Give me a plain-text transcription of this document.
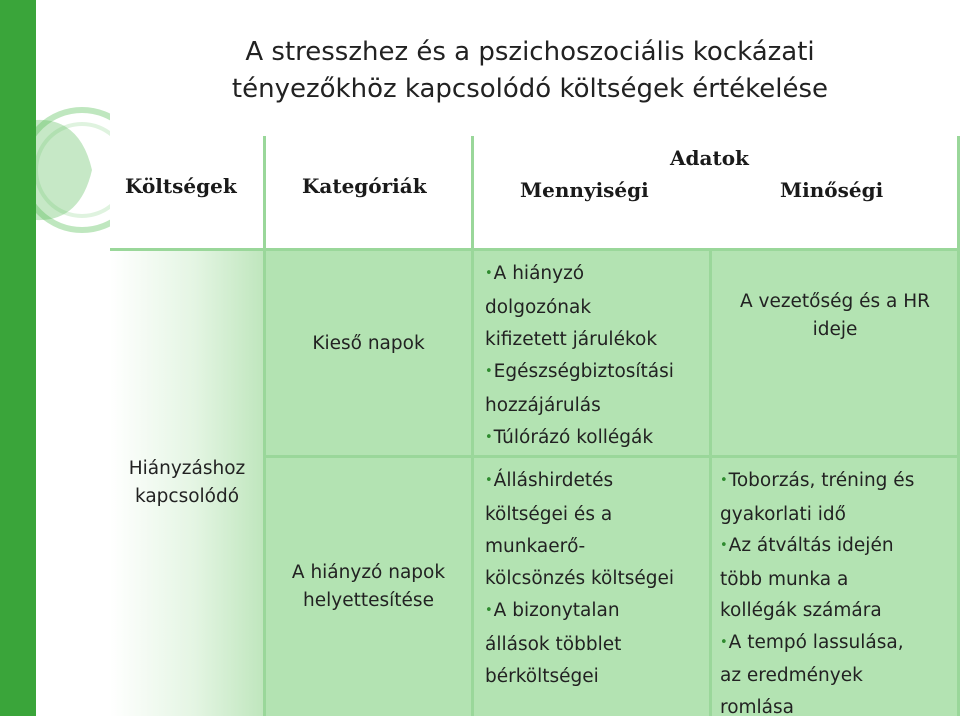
A stresszhez és a pszichoszociális kockázati
tényezőkhöz kapcsolódó költségek értékelése
Költségek	Kategóriák
Adatok
Mennyiségi	Minőségi
Hiányzáshoz
kapcsolódó
Kieső napok
A hiányzó napok
helyettesítése
•A hiányzó
dolgozónak
kifizetett járulékok
•Egészségbiztosítási
hozzájárulás
•Túlórázó kollégák
•Álláshirdetés
költségei és a
munkaerő-
kölcsönzés költségei
•A bizonytalan
állások többlet
bérköltségei
A vezetőség és a HR
ideje
•Toborzás, tréning és
gyakorlati idő
•Az átváltás idején
több munka a
kollégák számára
•A tempó lassulása,
az eredmények
romlása
